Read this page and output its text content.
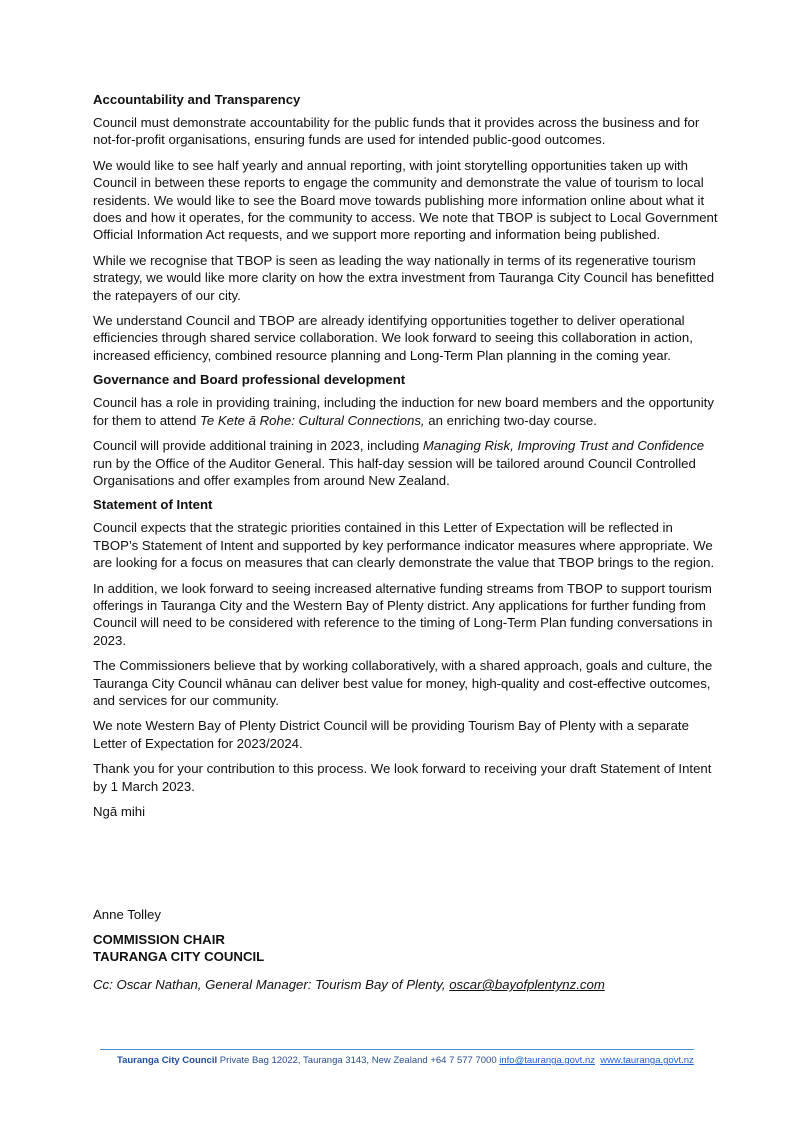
Accountability and Transparency

Council must demonstrate accountability for the public funds that it provides across the business and for not-for-profit organisations, ensuring funds are used for intended public-good outcomes.

We would like to see half yearly and annual reporting, with joint storytelling opportunities taken up with Council in between these reports to engage the community and demonstrate the value of tourism to local residents. We would like to see the Board move towards publishing more information online about what it does and how it operates, for the community to access. We note that TBOP is subject to Local Government Official Information Act requests, and we support more reporting and information being published.

While we recognise that TBOP is seen as leading the way nationally in terms of its regenerative tourism strategy, we would like more clarity on how the extra investment from Tauranga City Council has benefitted the ratepayers of our city.

We understand Council and TBOP are already identifying opportunities together to deliver operational efficiencies through shared service collaboration. We look forward to seeing this collaboration in action, increased efficiency, combined resource planning and Long-Term Plan planning in the coming year.

Governance and Board professional development

Council has a role in providing training, including the induction for new board members and the opportunity for them to attend Te Kete ā Rohe: Cultural Connections, an enriching two-day course.

Council will provide additional training in 2023, including Managing Risk, Improving Trust and Confidence run by the Office of the Auditor General. This half-day session will be tailored around Council Controlled Organisations and offer examples from around New Zealand.

Statement of Intent

Council expects that the strategic priorities contained in this Letter of Expectation will be reflected in TBOP’s Statement of Intent and supported by key performance indicator measures where appropriate. We are looking for a focus on measures that can clearly demonstrate the value that TBOP brings to the region.

In addition, we look forward to seeing increased alternative funding streams from TBOP to support tourism offerings in Tauranga City and the Western Bay of Plenty district. Any applications for further funding from Council will need to be considered with reference to the timing of Long-Term Plan funding conversations in 2023.

The Commissioners believe that by working collaboratively, with a shared approach, goals and culture, the Tauranga City Council whānau can deliver best value for money, high-quality and cost-effective outcomes, and services for our community.

We note Western Bay of Plenty District Council will be providing Tourism Bay of Plenty with a separate Letter of Expectation for 2023/2024.

Thank you for your contribution to this process. We look forward to receiving your draft Statement of Intent by 1 March 2023.

Ngā mihi

Anne Tolley
COMMISSION CHAIR
TAURANGA CITY COUNCIL
Cc: Oscar Nathan, General Manager: Tourism Bay of Plenty, oscar@bayofplentynz.com
Tauranga City Council Private Bag 12022, Tauranga 3143, New Zealand +64 7 577 7000 info@tauranga.govt.nz www.tauranga.govt.nz
